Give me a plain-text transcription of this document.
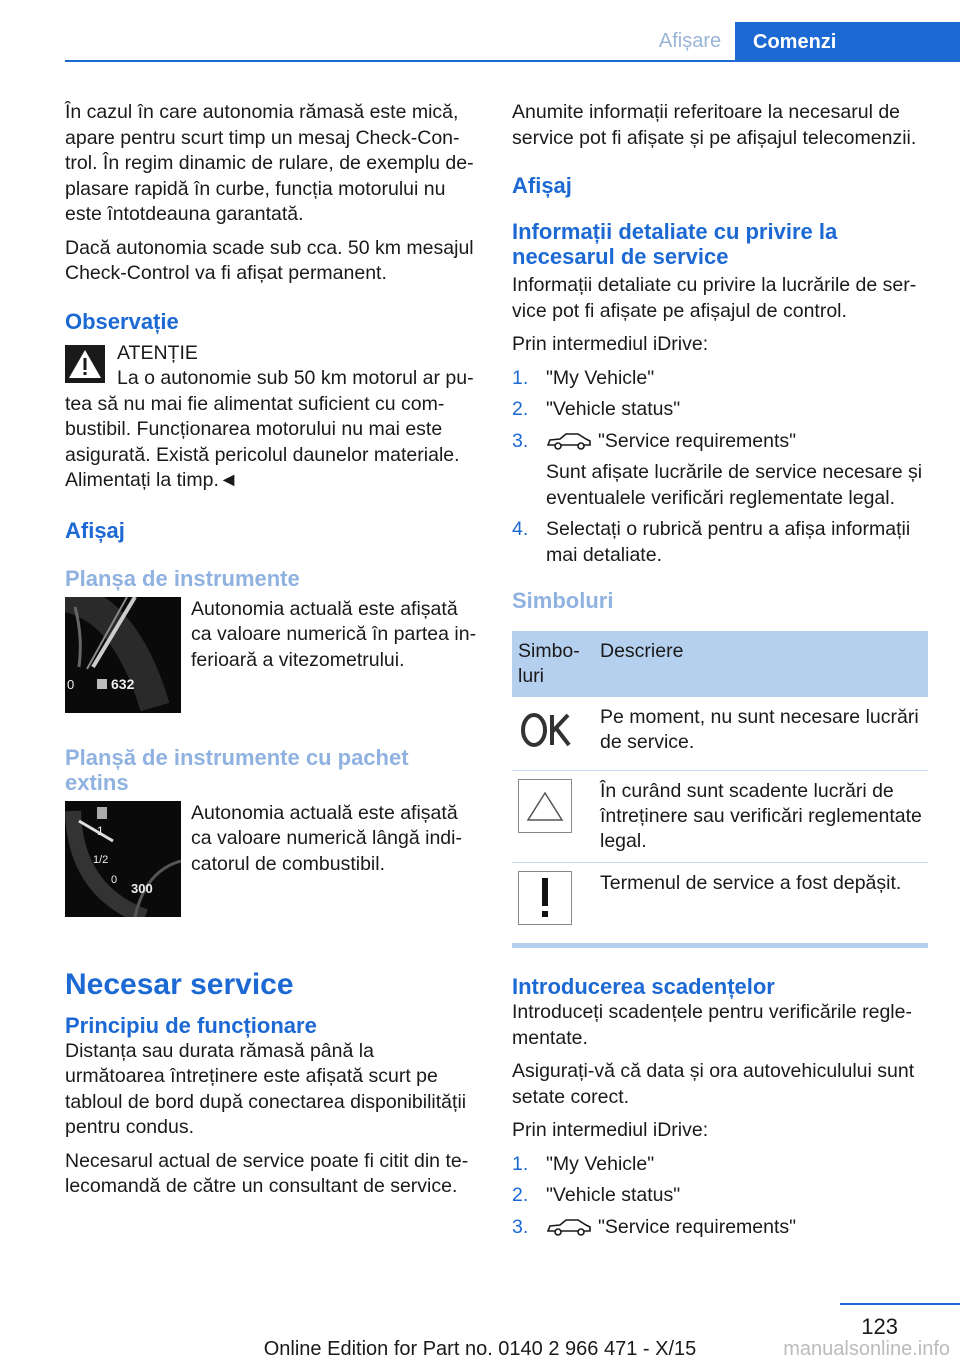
Afișare	Comenzi

În cazul în care autonomia rămasă este mică, apare pentru scurt timp un mesaj Check-Control. În regim dinamic de rulare, de exemplu deplasare rapidă în curbe, funcția motorului nu este întotdeauna garantată.

Dacă autonomia scade sub cca. 50 km mesajul Check-Control va fi afișat permanent.

Observație
ATENȚIE

La o autonomie sub 50 km motorul ar putea să nu mai fie alimentat suficient cu combustibil. Funcționarea motorului nu mai este asigurată. Există pericolul daunelor materiale. Alimentați la timp.◄

Afișaj
Planșa de instrumente
0	632

Autonomia actuală este afișată ca valoare numerică în partea inferioară a vitezometrului.

Planșă de instrumente cu pachet extins
1
1/2
0
300

Autonomia actuală este afișată ca valoare numerică lângă indicatorul de combustibil.

Necesar service
Principiu de funcționare

Distanța sau durata rămasă până la următoarea întreținere este afișată scurt pe tabloul de bord după conectarea disponibilității pentru condus.

Necesarul actual de service poate fi citit din telecomandă de către un consultant de service.

Anumite informații referitoare la necesarul de service pot fi afișate și pe afișajul telecomenzii.

Afișaj
Informații detaliate cu privire la necesarul de service

Informații detaliate cu privire la lucrările de service pot fi afișate pe afișajul de control.

Prin intermediul iDrive:

1. "My Vehicle"
2. "Vehicle status"
3.	"Service requirements"
Sunt afișate lucrările de service necesare și eventualele verificări reglementate legal.
4. Selectați o rubrică pentru a afișa informații mai detaliate.
Simboluri
Simboluri	Descriere
	Pe moment, nu sunt necesare lucrări de service.

	În curând sunt scadente lucrări de întreținere sau verificări reglementate legal.

	Termenul de service a fost depășit.
Introducerea scadențelor

Introduceți scadențele pentru verificările reglementate.

Asigurați-vă că data și ora autovehiculului sunt setate corect.

Prin intermediul iDrive:

1. "My Vehicle"
2. "Vehicle status"
3.	"Service requirements"
123
Online Edition for Part no. 0140 2 966 471 - X/15	manualsonline.info
